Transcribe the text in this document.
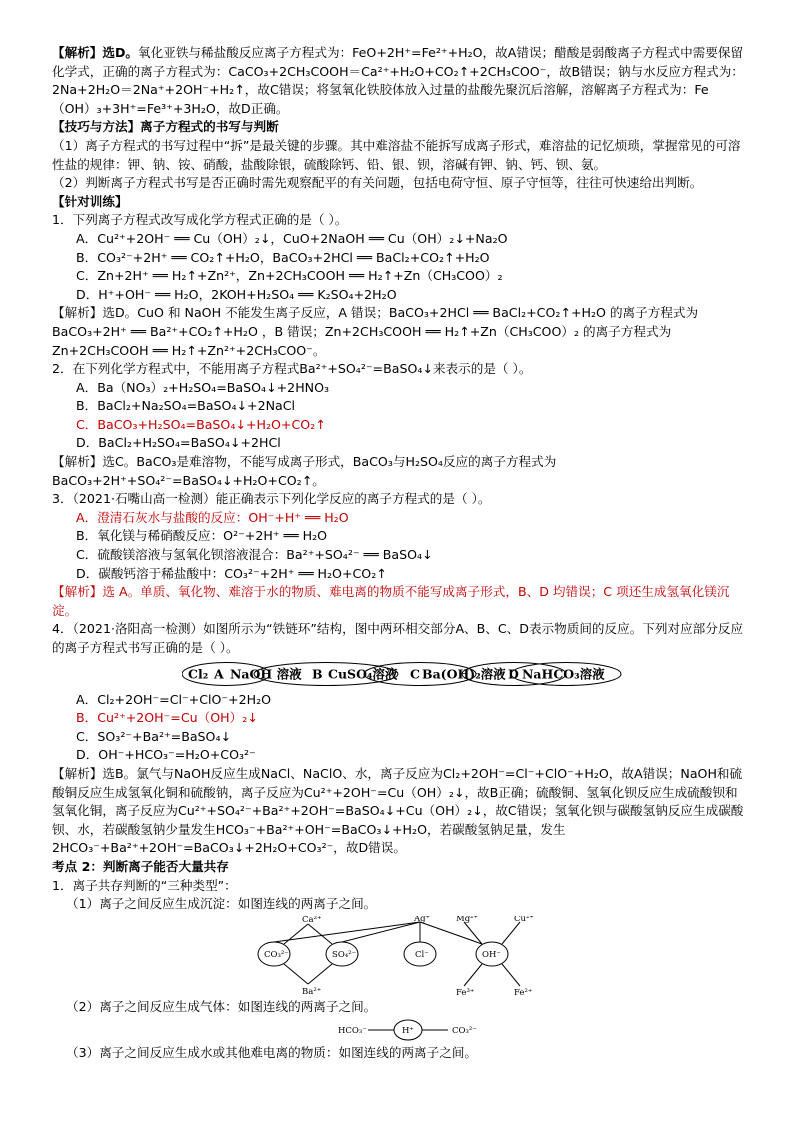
【解析】选D。氧化亚铁与稀盐酸反应离子方程式为：FeO+2H⁺=Fe²⁺+H₂O，故A错误；醋酸是弱酸离子方程式中需要保留化学式，正确的离子方程式为：CaCO₃+2CH₃COOH＝Ca²⁺+H₂O+CO₂↑+2CH₃COO⁻，故B错误；钠与水反应方程式为：2Na+2H₂O＝2Na⁺+2OH⁻+H₂↑，故C错误；将氢氧化铁胶体放入过量的盐酸先聚沉后溶解，溶解离子方程式为：Fe（OH）₃+3H⁺=Fe³⁺+3H₂O，故D正确。

【技巧与方法】离子方程式的书写与判断

（1）离子方程式的书写过程中“拆”是最关键的步骤。其中难溶盐不能拆写成离子形式，难溶盐的记忆烦琐，掌握常见的可溶性盐的规律：钾、钠、铵、硝酸，盐酸除银，硫酸除钙、铅、银、钡，溶碱有钾、钠、钙、钡、氨。

（2）判断离子方程式书写是否正确时需先观察配平的有关问题，包括电荷守恒、原子守恒等，往往可快速给出判断。

【针对训练】

1．下列离子方程式改写成化学方程式正确的是（ ）。

A．Cu²⁺+2OH⁻ ══ Cu（OH）₂↓，CuO+2NaOH ══ Cu（OH）₂↓+Na₂O

B．CO₃²⁻+2H⁺ ══ CO₂↑+H₂O，BaCO₃+2HCl ══ BaCl₂+CO₂↑+H₂O

C．Zn+2H⁺ ══ H₂↑+Zn²⁺，Zn+2CH₃COOH ══ H₂↑+Zn（CH₃COO）₂

D．H⁺+OH⁻ ══ H₂O，2KOH+H₂SO₄ ══ K₂SO₄+2H₂O

【解析】选D。CuO 和 NaOH 不能发生离子反应，A 错误；BaCO₃+2HCl ══ BaCl₂+CO₂↑+H₂O 的离子方程式为 BaCO₃+2H⁺ ══ Ba²⁺+CO₂↑+H₂O ，B 错误；Zn+2CH₃COOH ══ H₂↑+Zn（CH₃COO）₂ 的离子方程式为 Zn+2CH₃COOH ══ H₂↑+Zn²⁺+2CH₃COO⁻。

2．在下列化学方程式中，不能用离子方程式Ba²⁺+SO₄²⁻=BaSO₄↓来表示的是（ ）。

A．Ba（NO₃）₂+H₂SO₄=BaSO₄↓+2HNO₃

B．BaCl₂+Na₂SO₄=BaSO₄↓+2NaCl

C．BaCO₃+H₂SO₄=BaSO₄↓+H₂O+CO₂↑

D．BaCl₂+H₂SO₄=BaSO₄↓+2HCl

【解析】选C。BaCO₃是难溶物，不能写成离子形式，BaCO₃与H₂SO₄反应的离子方程式为BaCO₃+2H⁺+SO₄²⁻=BaSO₄↓+H₂O+CO₂↑。

3．（2021·石嘴山高一检测）能正确表示下列化学反应的离子方程式的是（ ）。

A．澄清石灰水与盐酸的反应：OH⁻+H⁺ ══ H₂O

B．氧化镁与稀硝酸反应：O²⁻+2H⁺ ══ H₂O

C．硫酸镁溶液与氢氧化钡溶液混合：Ba²⁺+SO₄²⁻ ══ BaSO₄↓

D．碳酸钙溶于稀盐酸中：CO₃²⁻+2H⁺ ══ H₂O+CO₂↑

【解析】选 A。单质、氧化物、难溶于水的物质、难电离的物质不能写成离子形式，B、D 均错误；C 项还生成氢氧化镁沉淀。

4．（2021·洛阳高一检测）如图所示为“铁链环”结构，图中两环相交部分A、B、C、D表示物质间的反应。下列对应部分反应的离子方程式书写正确的是（ ）。

Cl₂ A NaOH 溶液 B CuSO₄溶液 C Ba(OH)₂溶液 D NaHCO₃溶液

A．Cl₂+2OH⁻=Cl⁻+ClO⁻+2H₂O

B．Cu²⁺+2OH⁻=Cu（OH）₂↓

C．SO₃²⁻+Ba²⁺=BaSO₄↓

D．OH⁻+HCO₃⁻=H₂O+CO₃²⁻

【解析】选B。氯气与NaOH反应生成NaCl、NaClO、水，离子反应为Cl₂+2OH⁻=Cl⁻+ClO⁻+H₂O，故A错误；NaOH和硫酸铜反应生成氢氧化铜和硫酸钠，离子反应为Cu²⁺+2OH⁻=Cu（OH）₂↓，故B正确；硫酸铜、氢氧化钡反应生成硫酸钡和氢氧化铜，离子反应为Cu²⁺+SO₄²⁻+Ba²⁺+2OH⁻=BaSO₄↓+Cu（OH）₂↓，故C错误；氢氧化钡与碳酸氢钠反应生成碳酸钡、水，若碳酸氢钠少量发生HCO₃⁻+Ba²⁺+OH⁻=BaCO₃↓+H₂O，若碳酸氢钠足量，发生2HCO₃⁻+Ba²⁺+2OH⁻=BaCO₃↓+2H₂O+CO₃²⁻，故D错误。

考点 2：判断离子能否大量共存

1．离子共存判断的“三种类型”：

（1）离子之间反应生成沉淀：如图连线的两离子之间。

CO₃²⁻	SO₄²⁻	Cl⁻	OH⁻
Ca²⁺
Ba²⁺
Ag⁺	Mg²⁺	Cu²⁺
Fe³⁺	Fe²⁺

（2）离子之间反应生成气体：如图连线的两离子之间。

HCO₃⁻	H⁺	CO₃²⁻

（3）离子之间反应生成水或其他难电离的物质：如图连线的两离子之间。
